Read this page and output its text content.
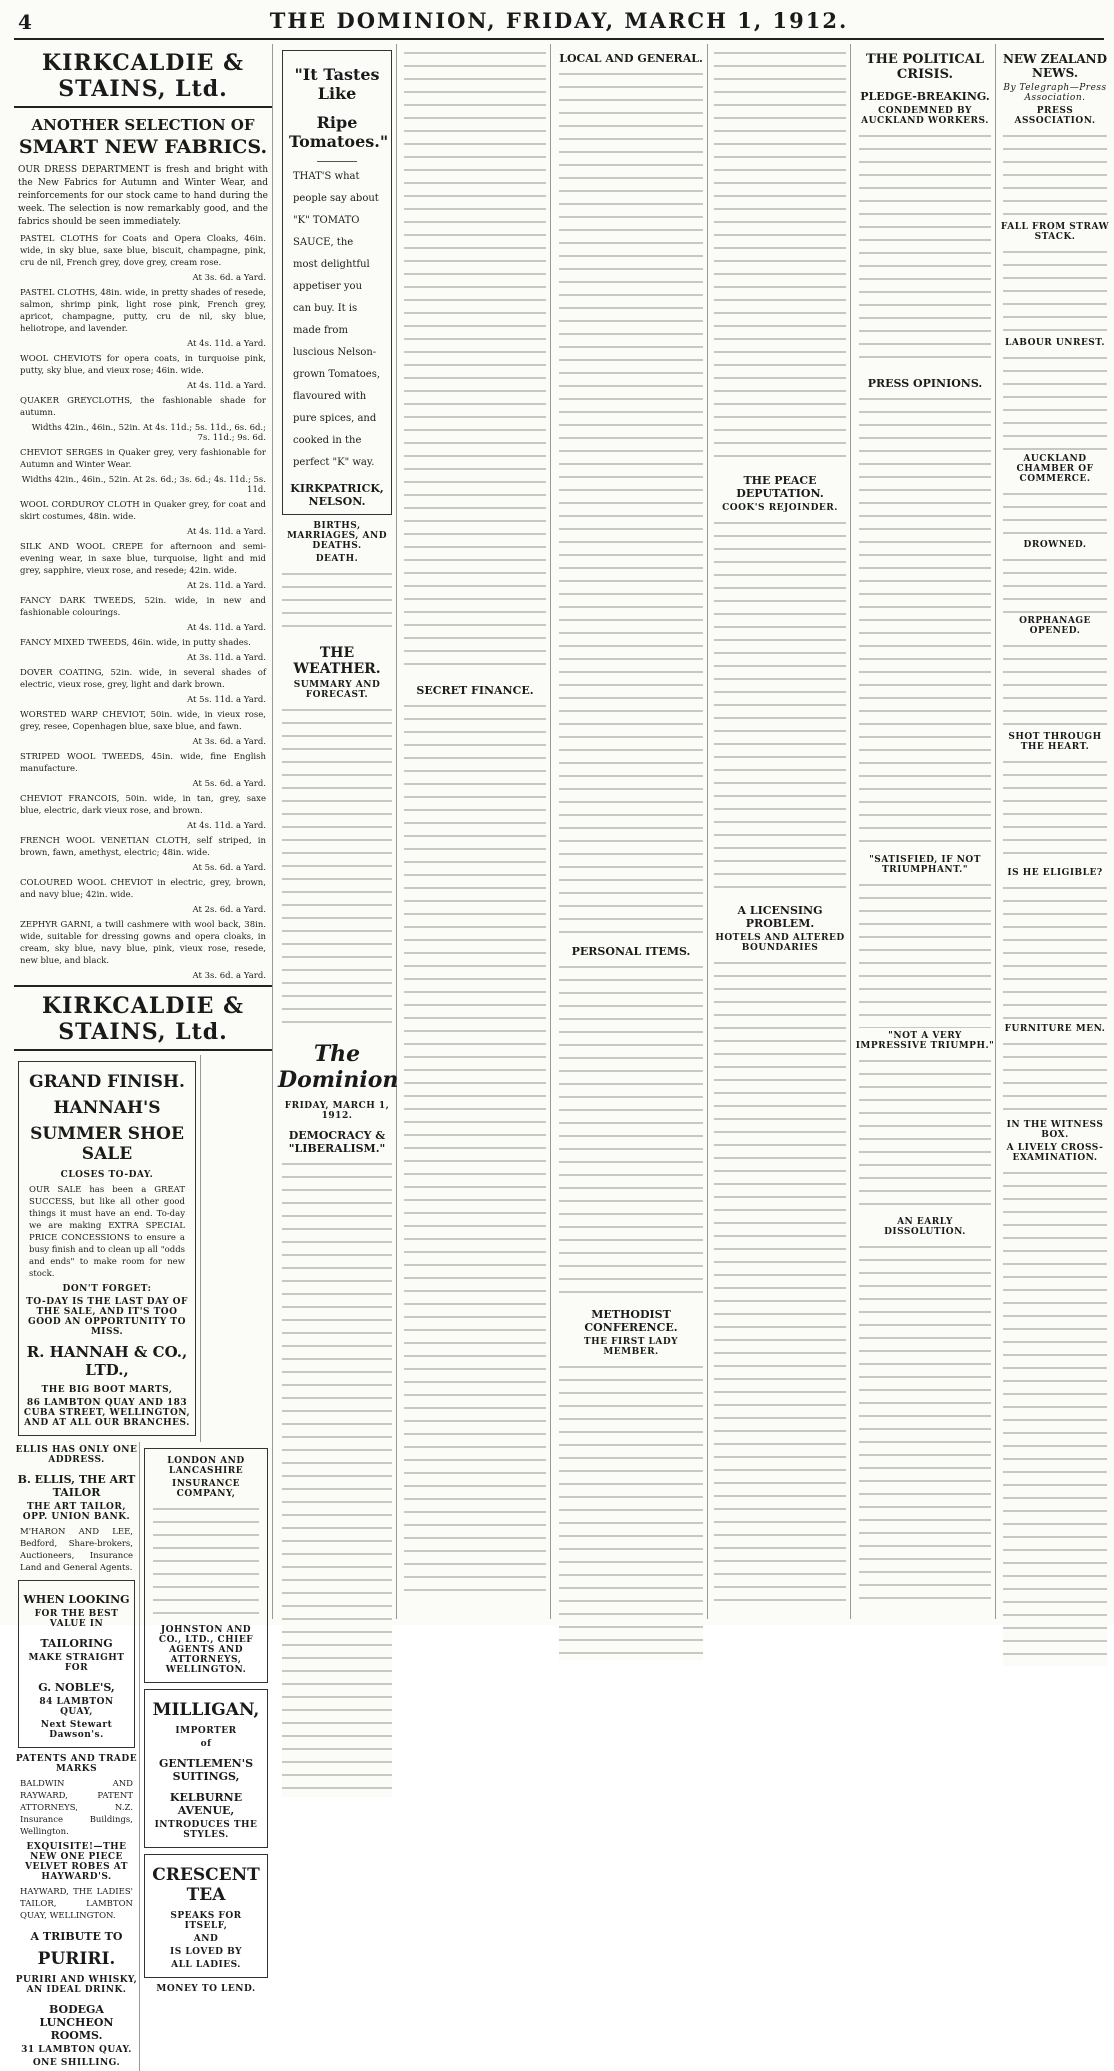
4	THE DOMINION, FRIDAY, MARCH 1, 1912.
KIRKCALDIE & STAINS, Ltd.
ANOTHER SELECTION OF
SMART NEW FABRICS.
OUR DRESS DEPARTMENT is fresh and bright with the New Fabrics for Autumn and Winter Wear, and reinforcements for our stock came to hand during the week. The selection is now remarkably good, and the fabrics should be seen immediately.
PASTEL CLOTHS for Coats and Opera Cloaks, 46in. wide, in sky blue, saxe blue, biscuit, champagne, pink, cru de nil, French grey, dove grey, cream rose.
At 3s. 6d. a Yard.
PASTEL CLOTHS, 48in. wide, in pretty shades of resede, salmon, shrimp pink, light rose pink, French grey, apricot, champagne, putty, cru de nil, sky blue, heliotrope, and lavender.
At 4s. 11d. a Yard.
WOOL CHEVIOTS for opera coats, in turquoise pink, putty, sky blue, and vieux rose; 46in. wide.
At 4s. 11d. a Yard.
QUAKER GREYCLOTHS, the fashionable shade for autumn.
Widths 42in., 46in., 52in. At 4s. 11d.; 5s. 11d., 6s. 6d.; 7s. 11d.; 9s. 6d.
CHEVIOT SERGES in Quaker grey, very fashionable for Autumn and Winter Wear.
Widths 42in., 46in., 52in. At 2s. 6d.; 3s. 6d.; 4s. 11d.; 5s. 11d.
WOOL CORDUROY CLOTH in Quaker grey, for coat and skirt costumes, 48in. wide.
At 4s. 11d. a Yard.
SILK AND WOOL CREPE for afternoon and semi-evening wear, in saxe blue, turquoise, light and mid grey, sapphire, vieux rose, and resede; 42in. wide.
At 2s. 11d. a Yard.
FANCY DARK TWEEDS, 52in. wide, in new and fashionable colourings.
At 4s. 11d. a Yard.
FANCY MIXED TWEEDS, 46in. wide, in putty shades.
At 3s. 11d. a Yard.
DOVER COATING, 52in. wide, in several shades of electric, vieux rose, grey, light and dark brown.
At 5s. 11d. a Yard.
WORSTED WARP CHEVIOT, 50in. wide, in vieux rose, grey, resee, Copenhagen blue, saxe blue, and fawn.
At 3s. 6d. a Yard.
STRIPED WOOL TWEEDS, 45in. wide, fine English manufacture.
At 5s. 6d. a Yard.
CHEVIOT FRANCOIS, 50in. wide, in tan, grey, saxe blue, electric, dark vieux rose, and brown.
At 4s. 11d. a Yard.
FRENCH WOOL VENETIAN CLOTH, self striped, in brown, fawn, amethyst, electric; 48in. wide.
At 5s. 6d. a Yard.
COLOURED WOOL CHEVIOT in electric, grey, brown, and navy blue; 42in. wide.
At 2s. 6d. a Yard.
ZEPHYR GARNI, a twill cashmere with wool back, 38in. wide, suitable for dressing gowns and opera cloaks, in cream, sky blue, navy blue, pink, vieux rose, resede, new blue, and black.
At 3s. 6d. a Yard.
KIRKCALDIE & STAINS, Ltd.
GRAND FINISH.
HANNAH'S
SUMMER SHOE SALE
CLOSES TO-DAY.
OUR SALE has been a GREAT SUCCESS, but like all other good things it must have an end. To-day we are making EXTRA SPECIAL PRICE CONCESSIONS to ensure a busy finish and to clean up all "odds and ends" to make room for new stock.
DON'T FORGET:
TO-DAY IS THE LAST DAY OF THE SALE, AND IT'S TOO GOOD AN OPPORTUNITY TO MISS.
R. HANNAH & CO., LTD.,
THE BIG BOOT MARTS,
86 LAMBTON QUAY AND 183 CUBA STREET, WELLINGTON, AND AT ALL OUR BRANCHES.
ELLIS HAS ONLY ONE ADDRESS.
B. ELLIS, THE ART TAILOR
THE ART TAILOR, OPP. UNION BANK.
M'HARON AND LEE, Bedford, Share-brokers, Auctioneers, Insurance Land and General Agents.
WHEN LOOKING
FOR THE BEST VALUE IN
TAILORING
MAKE STRAIGHT FOR
G. NOBLE'S,
84 LAMBTON QUAY,
Next Stewart Dawson's.
PATENTS AND TRADE MARKS
BALDWIN AND RAYWARD, PATENT ATTORNEYS, N.Z. Insurance Buildings, Wellington.
EXQUISITE!—THE NEW ONE PIECE VELVET ROBES AT HAYWARD'S.
HAYWARD, THE LADIES' TAILOR, LAMBTON QUAY, WELLINGTON.
A TRIBUTE TO
PURIRI.
PURIRI AND WHISKY, AN IDEAL DRINK.
BODEGA LUNCHEON ROOMS.
31 LAMBTON QUAY.
ONE SHILLING.
LONDON AND LANCASHIRE
INSURANCE COMPANY,
JOHNSTON AND CO., LTD., CHIEF AGENTS AND ATTORNEYS, WELLINGTON.
MILLIGAN,
IMPORTER
of
GENTLEMEN'S SUITINGS,
KELBURNE AVENUE,
INTRODUCES THE STYLES.
CRESCENT TEA
SPEAKS FOR ITSELF,
AND
IS LOVED BY
ALL LADIES.
MONEY TO LEND.
"It Tastes Like
Ripe Tomatoes."
THAT'S what people say about "K" TOMATO SAUCE, the most delightful appetiser you can buy. It is made from luscious Nelson-grown Tomatoes, flavoured with pure spices, and cooked in the perfect "K" way.
KIRKPATRICK, NELSON.
BIRTHS, MARRIAGES, AND DEATHS.
DEATH.
THE WEATHER.
SUMMARY AND FORECAST.
The Dominion
FRIDAY, MARCH 1, 1912.
DEMOCRACY & "LIBERALISM."
SECRET FINANCE.
LOCAL AND GENERAL.
PERSONAL ITEMS.
METHODIST CONFERENCE.
THE FIRST LADY MEMBER.
THE PEACE DEPUTATION.
COOK'S REJOINDER.
A LICENSING PROBLEM.
HOTELS AND ALTERED BOUNDARIES
THE POLITICAL CRISIS.
PLEDGE-BREAKING.
CONDEMNED BY AUCKLAND WORKERS.
PRESS OPINIONS.
"SATISFIED, IF NOT TRIUMPHANT."
"NOT A VERY IMPRESSIVE TRIUMPH."
AN EARLY DISSOLUTION.
NEW ZEALAND NEWS.
By Telegraph—Press Association.
PRESS ASSOCIATION.
FALL FROM STRAW STACK.
LABOUR UNREST.
AUCKLAND CHAMBER OF COMMERCE.
DROWNED.
ORPHANAGE OPENED.
SHOT THROUGH THE HEART.
IS HE ELIGIBLE?
FURNITURE MEN.
IN THE WITNESS BOX.
A LIVELY CROSS-EXAMINATION.
